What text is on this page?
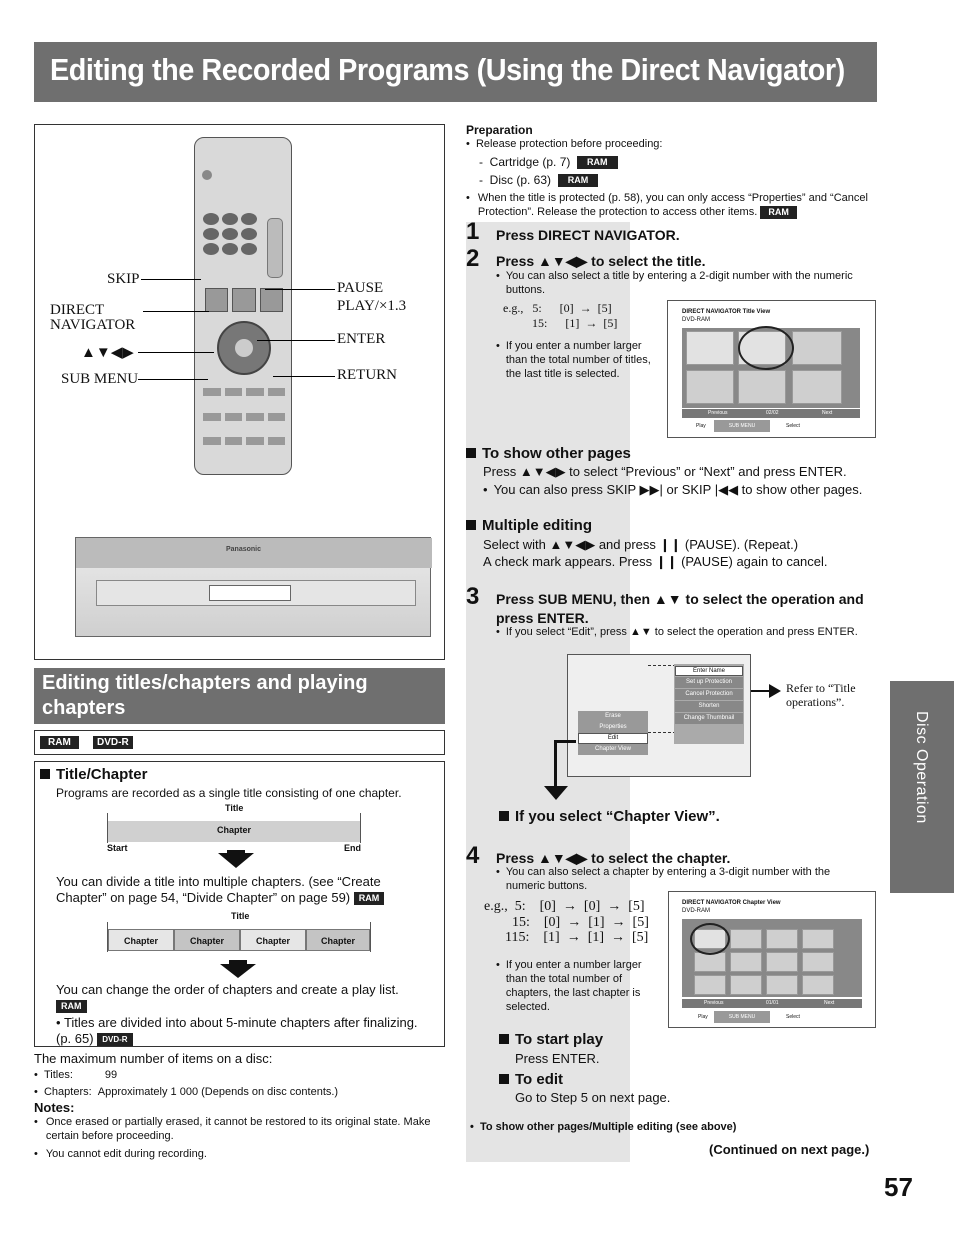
Editing the Recorded Programs (Using the Direct Navigator)
Disc Operation
SKIP
DIRECT
NAVIGATOR
▲▼◀▶
SUB MENU
PAUSE
PLAY/×1.3
ENTER
RETURN
Panasonic
Editing titles/chapters and playing chapters
RAM	DVD-R
Title/Chapter
Programs are recorded as a single title consisting of one chapter.
Title
Chapter
Start	End
You can divide a title into multiple chapters. (see “Create Chapter” on page 54, “Divide Chapter” on page 59) RAM
Title
Chapter	Chapter	Chapter	Chapter
You can change the order of chapters and create a play list.
RAM
• Titles are divided into about 5-minute chapters after finalizing. (p. 65) DVD-R
The maximum number of items on a disc:
•  Titles:	99
•  Chapters: Approximately 1 000 (Depends on disc contents.)
Notes:
• Once erased or partially erased, it cannot be restored to its original state. Make certain before proceeding.
• You cannot edit during recording.
Preparation
•  Release protection before proceeding:
-  Cartridge (p. 7) RAM
-  Disc (p. 63) RAM
• When the title is protected (p. 58), you can only access “Properties” and “Cancel Protection”. Release the protection to access other items. RAM
1 Press DIRECT NAVIGATOR.
2 Press ▲▼◀▶ to select the title.
• You can also select a title by entering a 2-digit number with the numeric buttons.
e.g.,   5:      [0]  →  [5]
15:      [1]  →  [5]
• If you enter a number larger than the total number of titles, the last title is selected.
DIRECT NAVIGATOR Title View
DVD-RAM
Previous	02/02	Next
Play	SUB MENU	Select
To show other pages
Press ▲▼◀▶ to select “Previous” or “Next” and press ENTER.
• You can also press SKIP ▶▶| or SKIP |◀◀ to show other pages.
Multiple editing
Select with ▲▼◀▶ and press ❙❙ (PAUSE). (Repeat.)
A check mark appears. Press ❙❙ (PAUSE) again to cancel.
3 Press SUB MENU, then ▲▼ to select the operation and press ENTER.
• If you select “Edit”, press ▲▼ to select the operation and press ENTER.
Erase
Properties
Edit
Chapter View
Enter Name
Set up Protection
Cancel Protection
Shorten
Change Thumbnail
Refer to “Title operations”.
If you select “Chapter View”.
4 Press ▲▼◀▶ to select the chapter.
• You can also select a chapter by entering a 3-digit number with the numeric buttons.
e.g.,  5:    [0]  →  [0]  →  [5]
15:    [0]  →  [1]  →  [5]
115:    [1]  →  [1]  →  [5]
• If you enter a number larger than the total number of chapters, the last chapter is selected.
DIRECT NAVIGATOR Chapter View
DVD-RAM
Previous	01/01	Next
Play	SUB MENU	Select
To start play
Press ENTER.
To edit
Go to Step 5 on next page.
•  To show other pages/Multiple editing (see above)
(Continued on next page.)
57
